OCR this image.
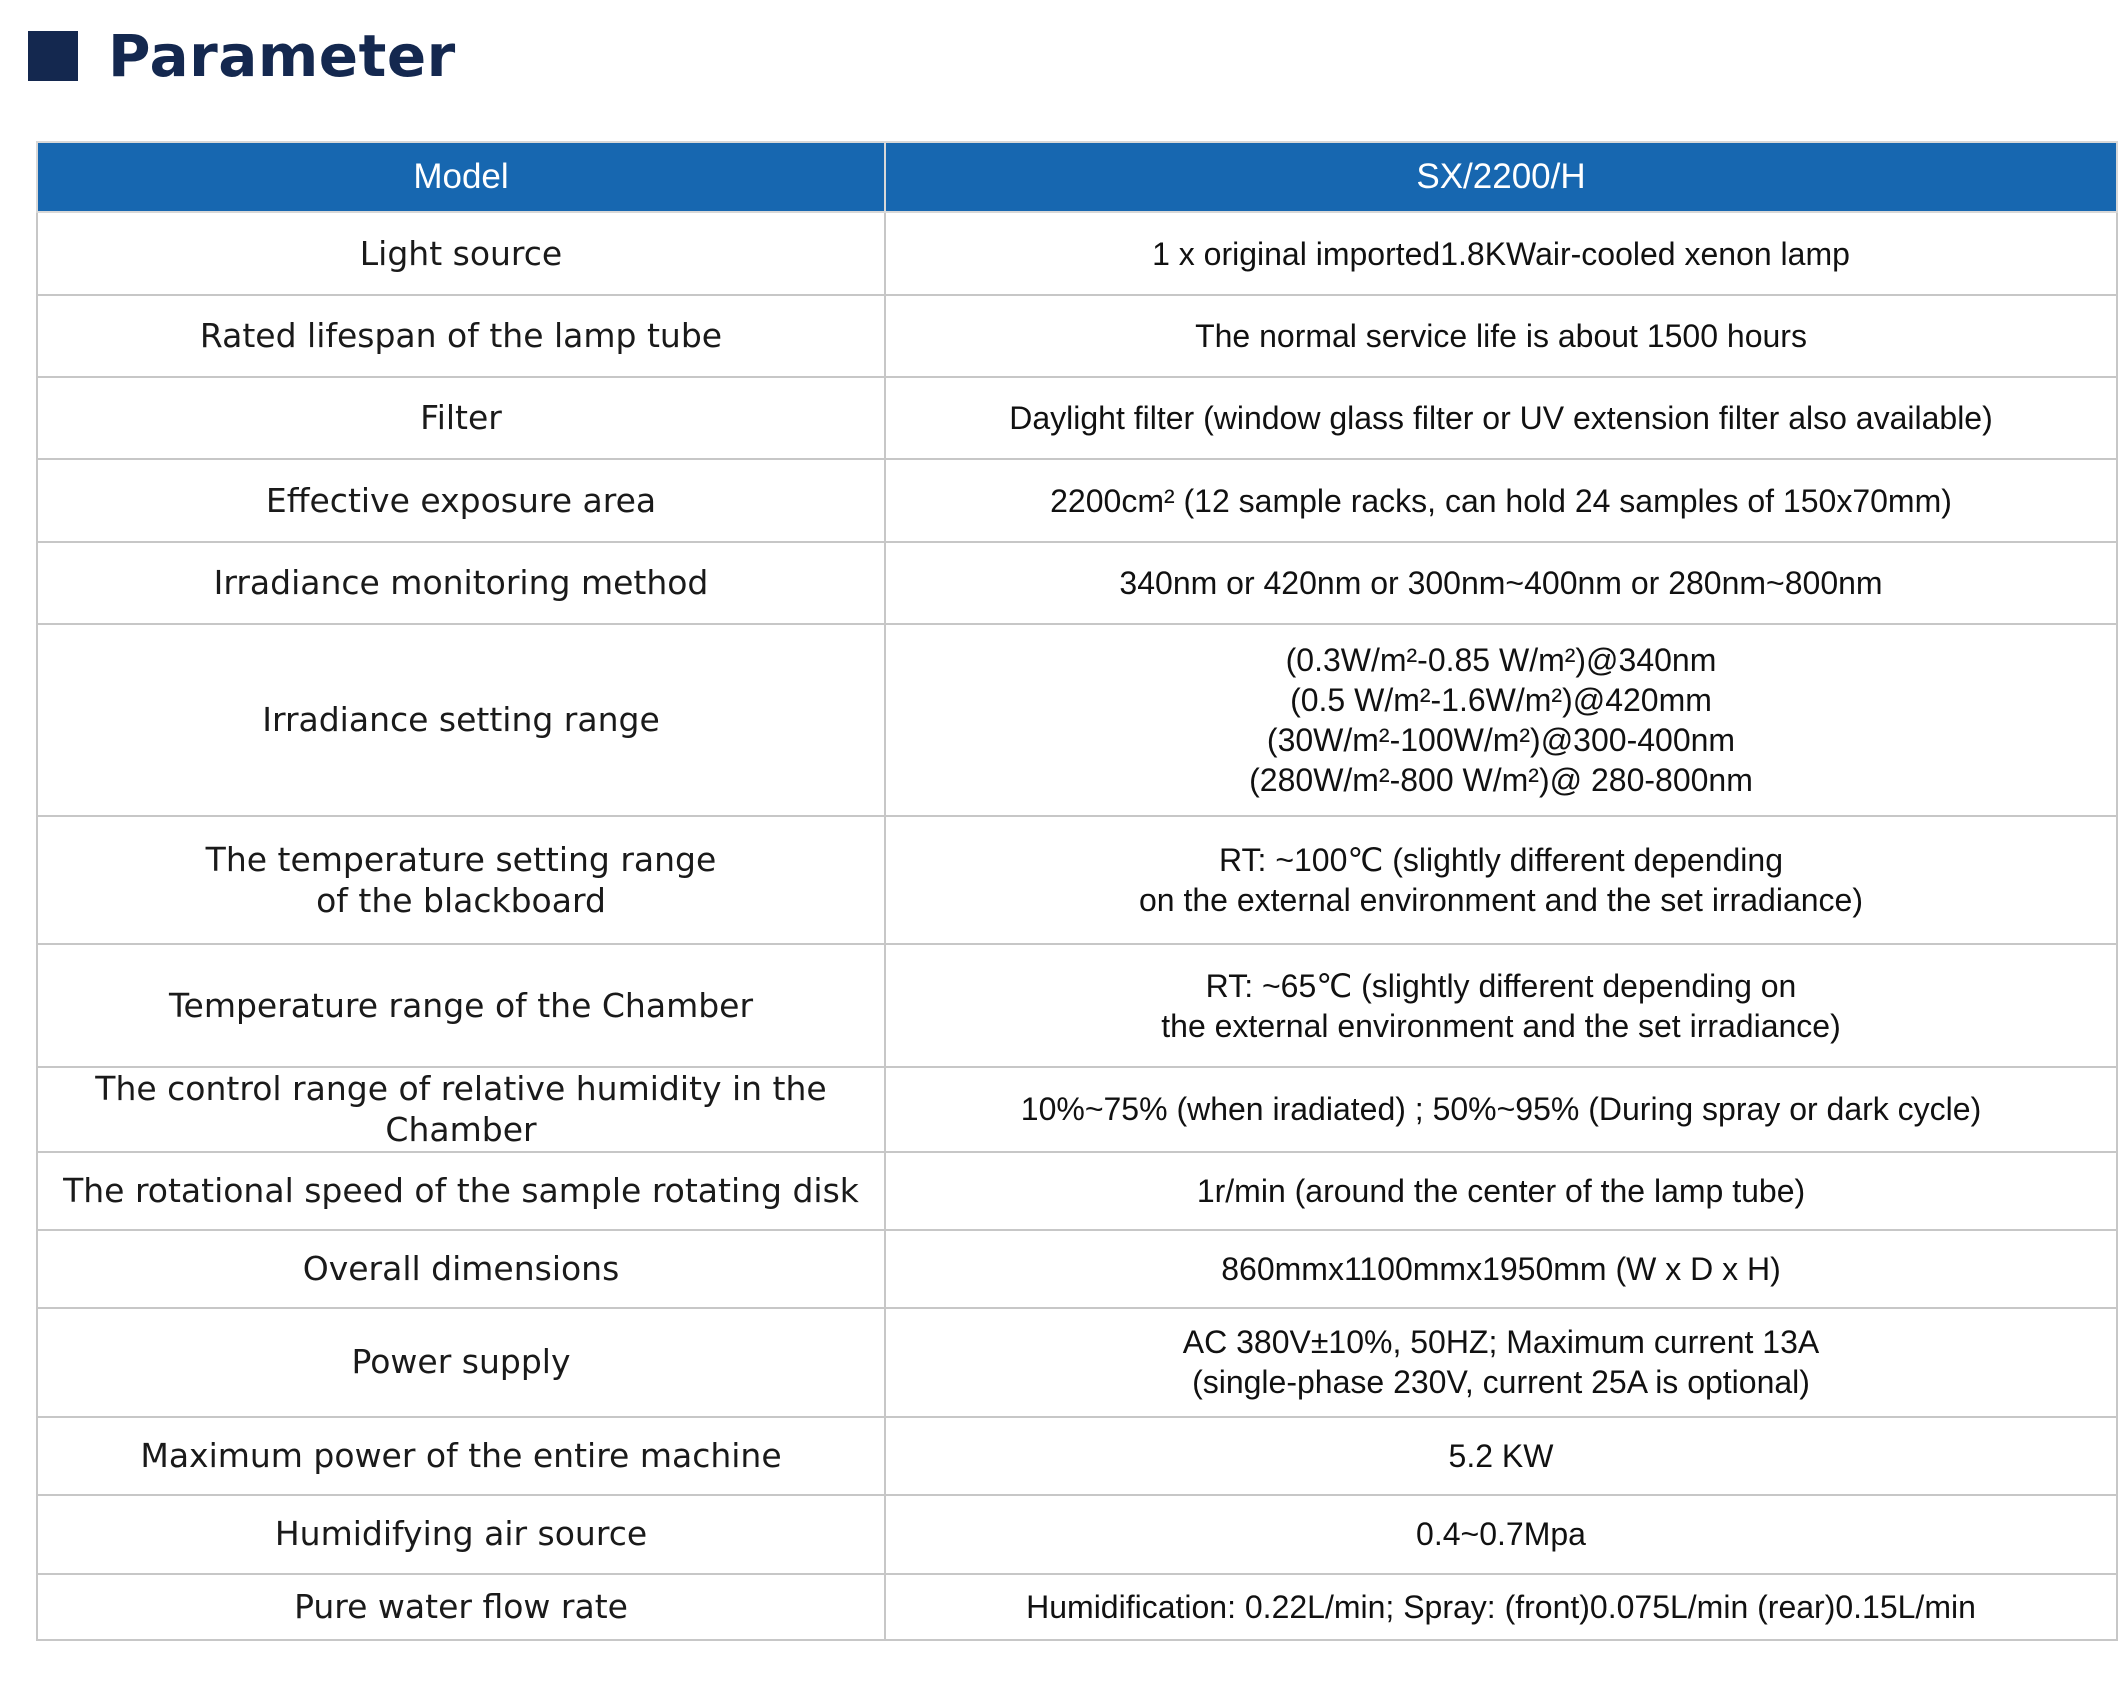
Parameter
Model	SX/2200/H

Light source	1 x original imported1.8KWair-cooled xenon lamp

Rated lifespan of the lamp tube	The normal service life is about 1500 hours

Filter	Daylight filter (window glass filter or UV extension filter also available)

Effective exposure area	2200cm² (12 sample racks, can hold 24 samples of 150x70mm)

Irradiance monitoring method	340nm or 420nm or 300nm~400nm or 280nm~800nm

Irradiance setting range	(0.3W/m²-0.85 W/m²)@340nm
(0.5 W/m²-1.6W/m²)@420mm
(30W/m²-100W/m²)@300-400nm
(280W/m²-800 W/m²)@ 280-800nm

The temperature setting range
of the blackboard	RT: ~100℃ (slightly different depending
on the external environment and the set irradiance)

Temperature range of the Chamber	RT: ~65℃ (slightly different depending on
the external environment and the set irradiance)

The control range of relative humidity in the Chamber	10%~75% (when iradiated) ; 50%~95% (During spray or dark cycle)

The rotational speed of the sample rotating disk	1r/min (around the center of the lamp tube)

Overall dimensions	860mmx1100mmx1950mm (W x D x H)

Power supply	AC 380V±10%, 50HZ; Maximum current 13A
(single-phase 230V, current 25A is optional)

Maximum power of the entire machine	5.2 KW

Humidifying air source	0.4~0.7Mpa

Pure water flow rate	Humidification: 0.22L/min; Spray: (front)0.075L/min (rear)0.15L/min
